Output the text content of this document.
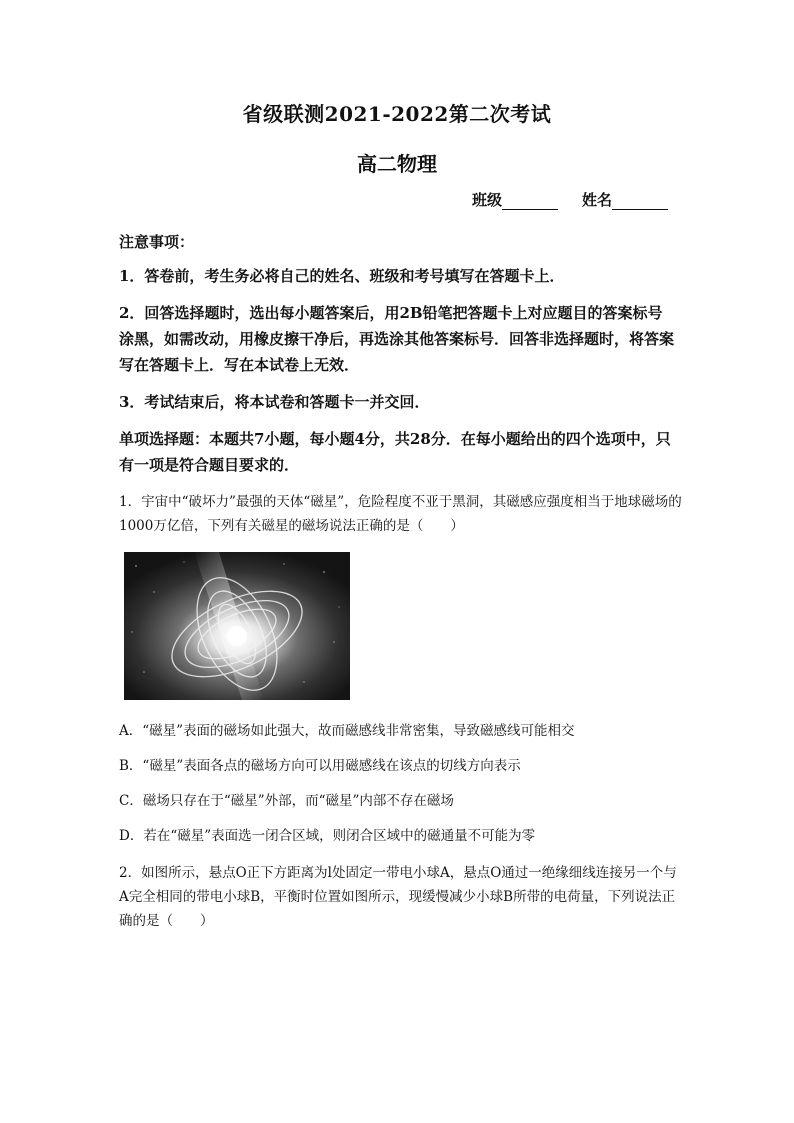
省级联测2021-2022第二次考试
高二物理
班级	姓名
注意事项：
1．答卷前，考生务必将自己的姓名、班级和考号填写在答题卡上．
2．回答选择题时，选出每小题答案后，用2B铅笔把答题卡上对应题目的答案标号涂黑，如需改动，用橡皮擦干净后，再选涂其他答案标号．回答非选择题时，将答案写在答题卡上．写在本试卷上无效．
3．考试结束后，将本试卷和答题卡一并交回．
单项选择题：本题共7小题，每小题4分，共28分．在每小题给出的四个选项中，只有一项是符合题目要求的．
1．宇宙中“破坏力”最强的天体“磁星”，危险程度不亚于黑洞，其磁感应强度相当于地球磁场的1000万亿倍，下列有关磁星的磁场说法正确的是（　　）
A．“磁星”表面的磁场如此强大，故而磁感线非常密集，导致磁感线可能相交
B．“磁星”表面各点的磁场方向可以用磁感线在该点的切线方向表示
C．磁场只存在于“磁星”外部，而“磁星”内部不存在磁场
D．若在“磁星”表面选一闭合区域，则闭合区域中的磁通量不可能为零
2．如图所示，悬点O正下方距离为l处固定一带电小球A，悬点O通过一绝缘细线连接另一个与A完全相同的带电小球B，平衡时位置如图所示，现缓慢减少小球B所带的电荷量，下列说法正确的是（　　）
